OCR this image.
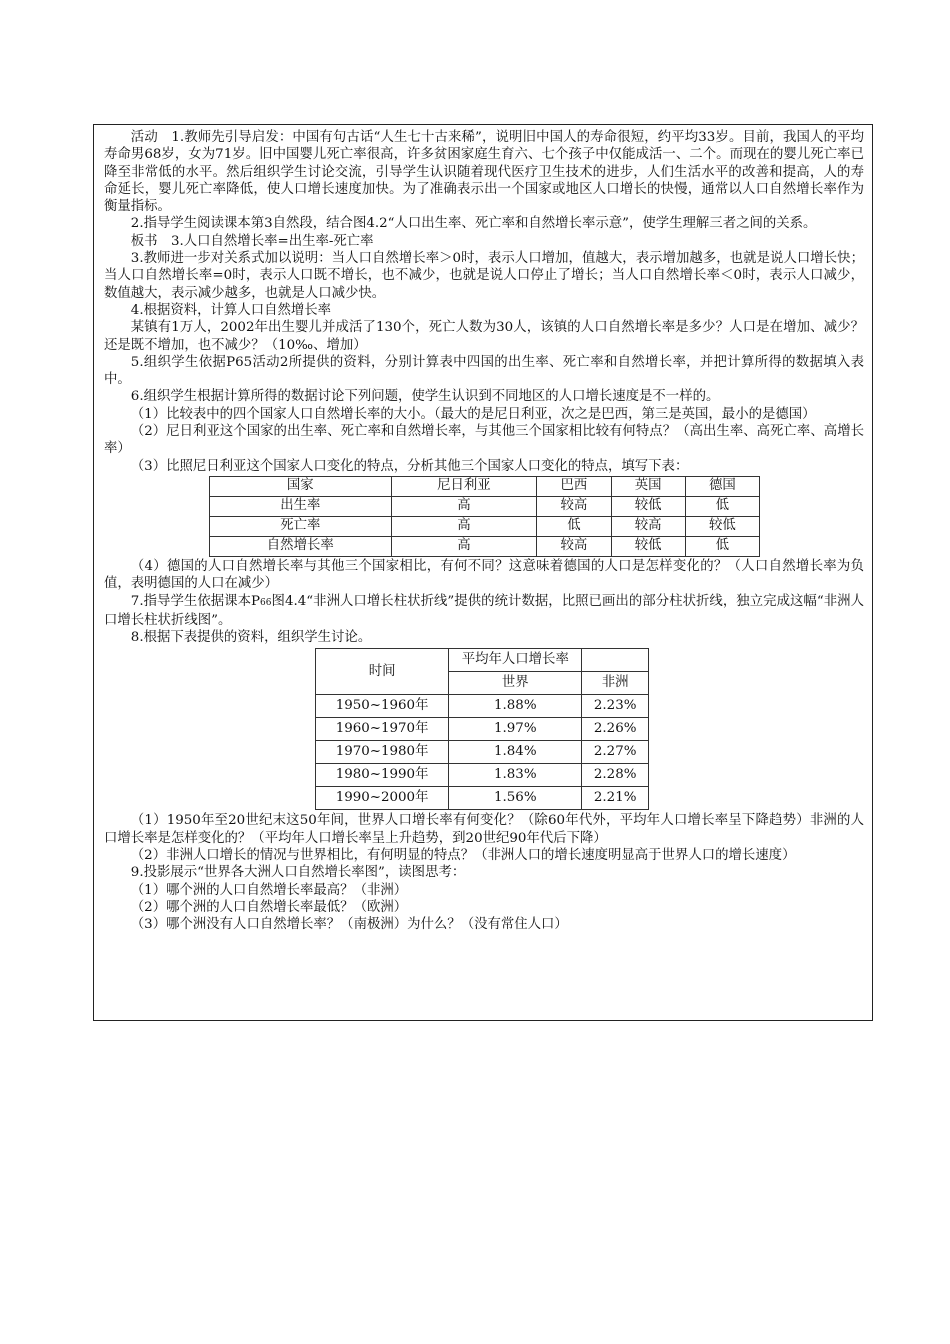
活动　1.教师先引导启发：中国有句古话“人生七十古来稀”，说明旧中国人的寿命很短，约平均33岁。目前，我国人的平均寿命男68岁，女为71岁。旧中国婴儿死亡率很高，许多贫困家庭生育六、七个孩子中仅能成活一、二个。而现在的婴儿死亡率已降至非常低的水平。然后组织学生讨论交流，引导学生认识随着现代医疗卫生技术的进步，人们生活水平的改善和提高，人的寿命延长，婴儿死亡率降低，使人口增长速度加快。为了准确表示出一个国家或地区人口增长的快慢，通常以人口自然增长率作为衡量指标。

2.指导学生阅读课本第3自然段，结合图4.2“人口出生率、死亡率和自然增长率示意”，使学生理解三者之间的关系。

板书　3.人口自然增长率=出生率-死亡率

3.教师进一步对关系式加以说明：当人口自然增长率＞0时，表示人口增加，值越大，表示增加越多，也就是说人口增长快；当人口自然增长率=0时，表示人口既不增长，也不减少，也就是说人口停止了增长；当人口自然增长率＜0时，表示人口减少，数值越大，表示减少越多，也就是人口减少快。

4.根据资料，计算人口自然增长率

某镇有1万人，2002年出生婴儿并成活了130个，死亡人数为30人，该镇的人口自然增长率是多少？人口是在增加、减少？还是既不增加，也不减少？（10‰、增加）

5.组织学生依据P65活动2所提供的资料，分别计算表中四国的出生率、死亡率和自然增长率，并把计算所得的数据填入表中。

6.组织学生根据计算所得的数据讨论下列问题，使学生认识到不同地区的人口增长速度是不一样的。

（1）比较表中的四个国家人口自然增长率的大小。（最大的是尼日利亚，次之是巴西，第三是英国，最小的是德国）

（2）尼日利亚这个国家的出生率、死亡率和自然增长率，与其他三个国家相比较有何特点？（高出生率、高死亡率、高增长率）

（3）比照尼日利亚这个国家人口变化的特点，分析其他三个国家人口变化的特点，填写下表：

国家	尼日利亚	巴西	英国	德国
出生率	高	较高	较低	低
死亡率	高	低	较高	较低
自然增长率	高	较高	较低	低

（4）德国的人口自然增长率与其他三个国家相比，有何不同？这意味着德国的人口是怎样变化的？（人口自然增长率为负值，表明德国的人口在减少）

7.指导学生依据课本P66图4.4“非洲人口增长柱状折线”提供的统计数据，比照已画出的部分柱状折线，独立完成这幅“非洲人口增长柱状折线图”。

8.根据下表提供的资料，组织学生讨论。

时间	平均年人口增长率	
	世界	非洲
1950~1960年	1.88%	2.23%
1960~1970年	1.97%	2.26%
1970~1980年	1.84%	2.27%
1980~1990年	1.83%	2.28%
1990~2000年	1.56%	2.21%

（1）1950年至20世纪末这50年间，世界人口增长率有何变化？（除60年代外，平均年人口增长率呈下降趋势）非洲的人口增长率是怎样变化的？（平均年人口增长率呈上升趋势，到20世纪90年代后下降）

（2）非洲人口增长的情况与世界相比，有何明显的特点？（非洲人口的增长速度明显高于世界人口的增长速度）

9.投影展示“世界各大洲人口自然增长率图”，读图思考：

（1）哪个洲的人口自然增长率最高？（非洲）

（2）哪个洲的人口自然增长率最低？（欧洲）

（3）哪个洲没有人口自然增长率？（南极洲）为什么？（没有常住人口）
